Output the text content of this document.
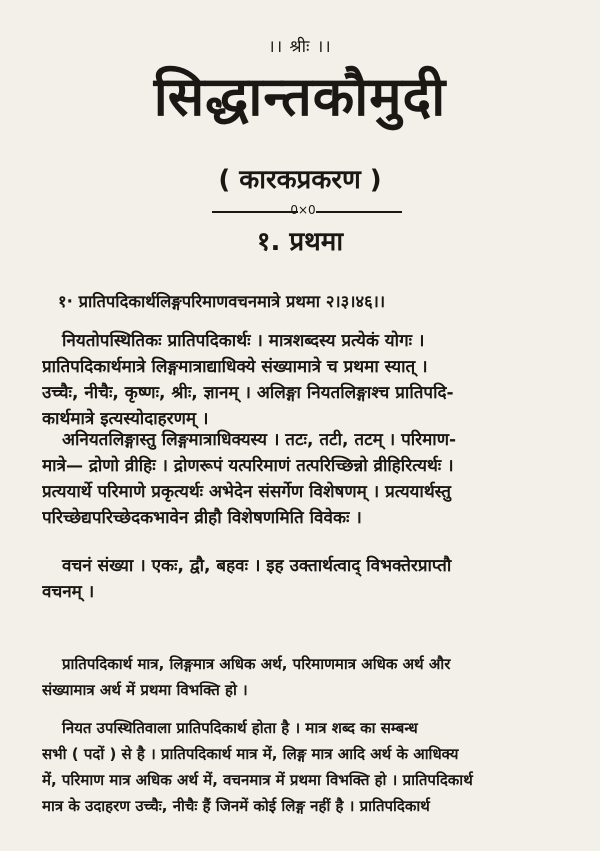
।। श्रीः ।।
सिद्धान्तकौमुदी
( कारकप्रकरण )
0×0
१. प्रथमा
१· प्रातिपदिकार्थलिङ्गपरिमाणवचनमात्रे प्रथमा २।३।४६।।
नियतोपस्थितिकः प्रातिपदिकार्थः । मात्रशब्दस्य प्रत्येकं योगः ।
प्रातिपदिकार्थमात्रे लिङ्गमात्राद्याधिक्ये संख्यामात्रे च प्रथमा स्यात् ।
उच्चैः, नीचैः, कृष्णः, श्रीः, ज्ञानम् । अलिङ्गा नियतलिङ्गाश्च प्रातिपदि-
कार्थमात्रे इत्यस्योदाहरणम् ।
अनियतलिङ्गास्तु लिङ्गमात्राधिक्यस्य । तटः, तटी, तटम् । परिमाण-
मात्रे— द्रोणो व्रीहिः । द्रोणरूपं यत्परिमाणं तत्परिच्छिन्नो व्रीहिरित्यर्थः ।
प्रत्ययार्थे परिमाणे प्रकृत्यर्थः अभेदेन संसर्गेण विशेषणम् । प्रत्ययार्थस्तु
परिच्छेद्यपरिच्छेदकभावेन व्रीहौ विशेषणमिति विवेकः ।
वचनं संख्या । एकः, द्वौ, बहवः । इह उक्तार्थत्वाद् विभक्तेरप्राप्तौ
वचनम् ।
प्रातिपदिकार्थ मात्र, लिङ्गमात्र अधिक अर्थ, परिमाणमात्र अधिक अर्थ और
संख्यामात्र अर्थ में प्रथमा विभक्ति हो ।
नियत उपस्थितिवाला प्रातिपदिकार्थ होता है । मात्र शब्द का सम्बन्ध
सभी ( पदों ) से है । प्रातिपदिकार्थ मात्र में, लिङ्ग मात्र आदि अर्थ के आधिक्य
में, परिमाण मात्र अधिक अर्थ में, वचनमात्र में प्रथमा विभक्ति हो । प्रातिपदिकार्थ
मात्र के उदाहरण उच्चैः, नीचैः हैं जिनमें कोई लिङ्ग नहीं है । प्रातिपदिकार्थ
